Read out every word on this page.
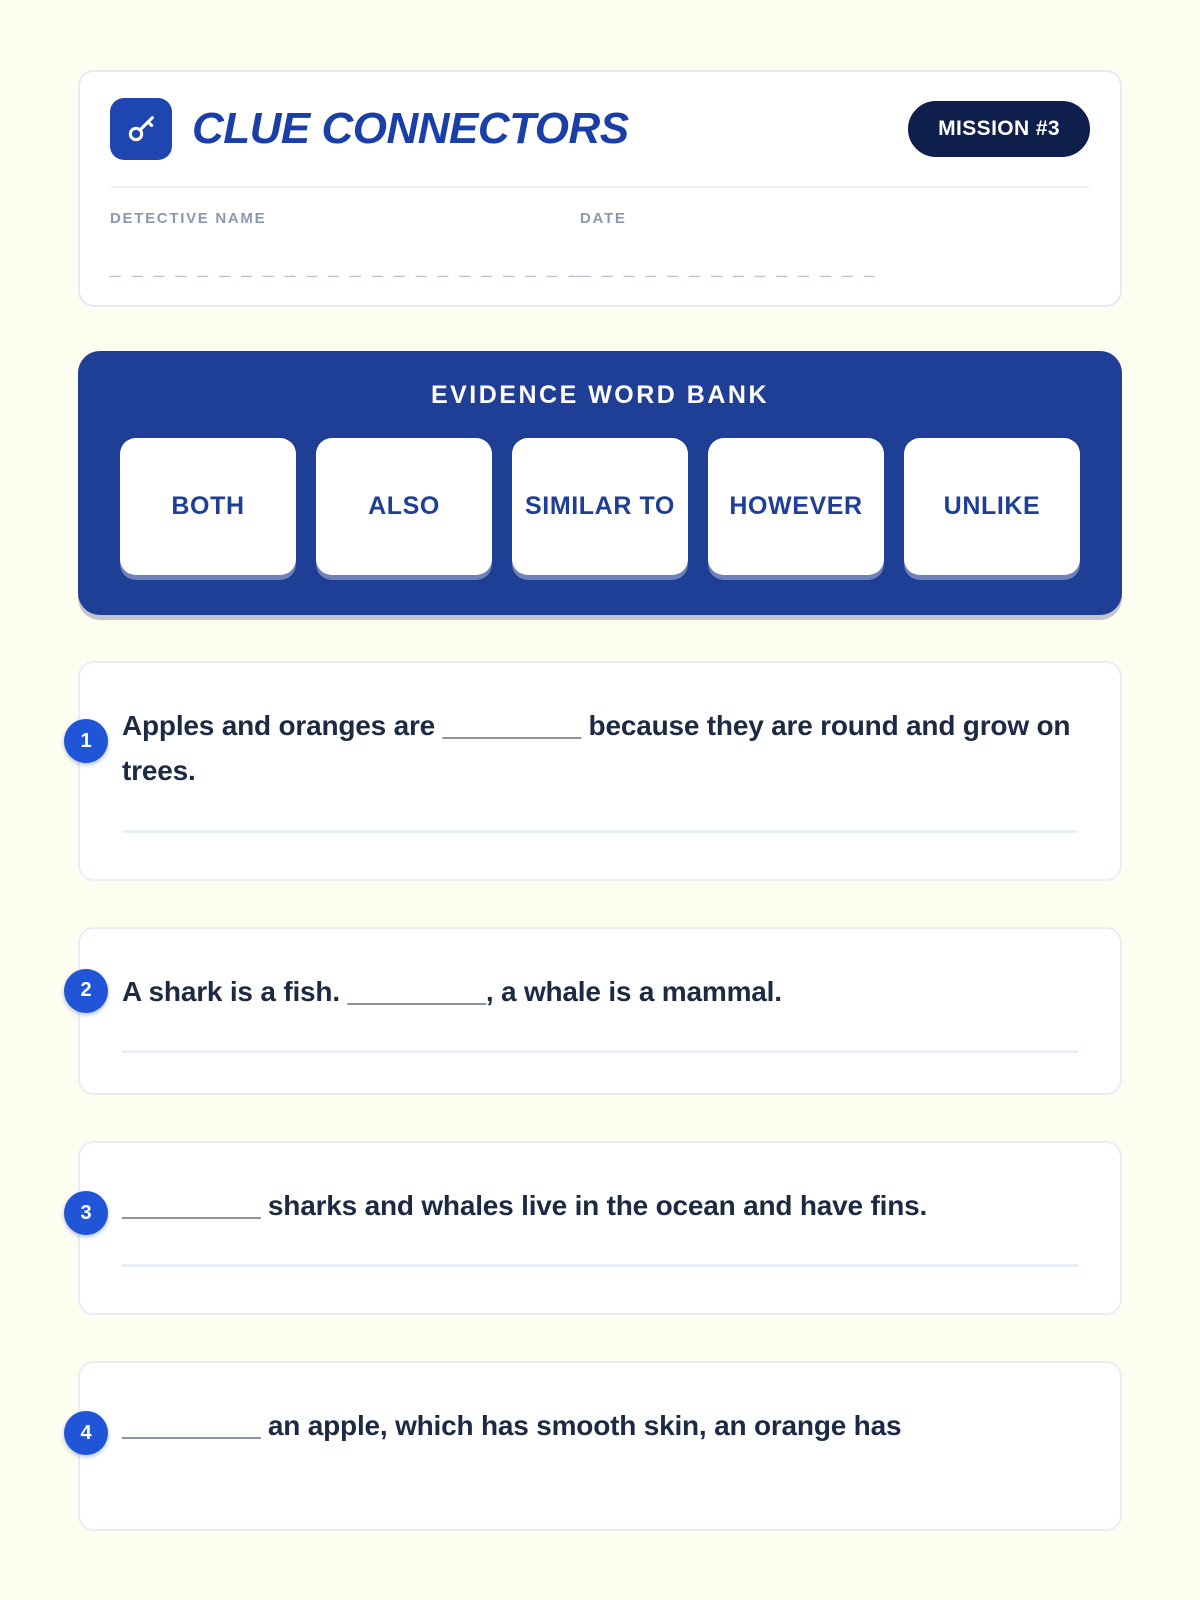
CLUE CONNECTORS	MISSION #3
DETECTIVE NAME
_ _ _ _ _ _ _ _ _ _ _ _ _ _ _ _ _ _ _ _ _ _
DATE
_ _ _ _ _ _ _ _ _ _ _ _ _ _
EVIDENCE WORD BANK
BOTH	ALSO	SIMILAR TO	HOWEVER	UNLIKE
1	Apples and oranges are _________ because they are round and grow on trees.
2	A shark is a fish. _________, a whale is a mammal.
3	_________ sharks and whales live in the ocean and have fins.
4	_________ an apple, which has smooth skin, an orange has
